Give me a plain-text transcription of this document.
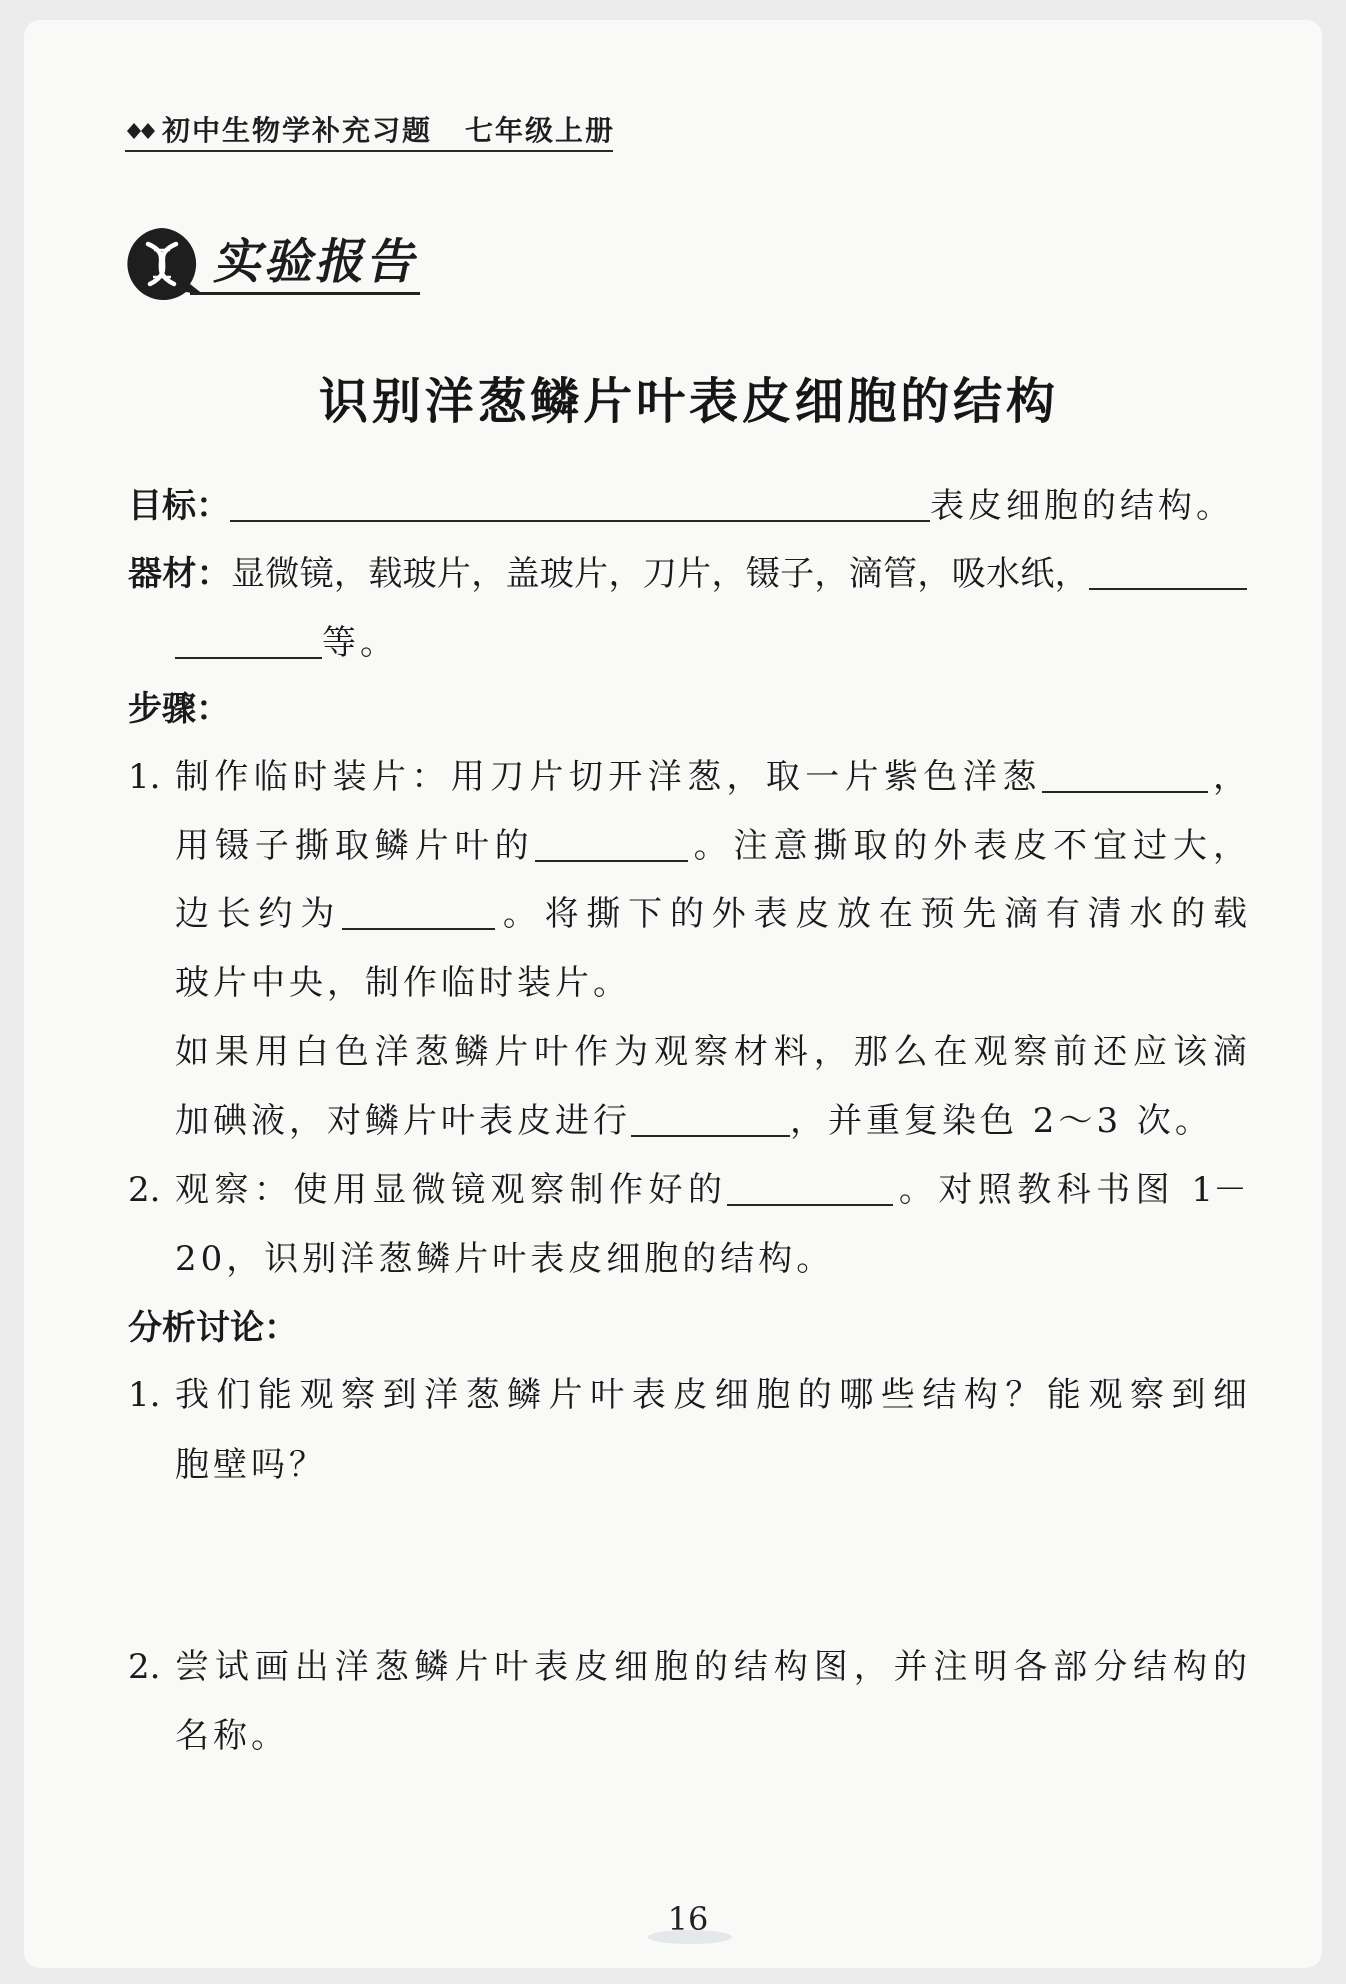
初中生物学补充习题 七年级上册
实验报告
识别洋葱鳞片叶表皮细胞的结构
目标：	表皮细胞的结构。
器材：显微镜，载玻片，盖玻片，刀片，镊子，滴管，吸水纸，
等。
步骤：
1. 制作临时装片：用刀片切开洋葱，取一片紫色洋葱	，
用镊子撕取鳞片叶的	。注意撕取的外表皮不宜过大，
边长约为	。将撕下的外表皮放在预先滴有清水的载
玻片中央，制作临时装片。
如果用白色洋葱鳞片叶作为观察材料，那么在观察前还应该滴
加碘液，对鳞片叶表皮进行	，并重复染色 2～3 次。
2. 观察：使用显微镜观察制作好的	。对照教科书图 1－
20，识别洋葱鳞片叶表皮细胞的结构。
分析讨论：
1. 我们能观察到洋葱鳞片叶表皮细胞的哪些结构？能观察到细
胞壁吗？
2. 尝试画出洋葱鳞片叶表皮细胞的结构图，并注明各部分结构的
名称。
16
